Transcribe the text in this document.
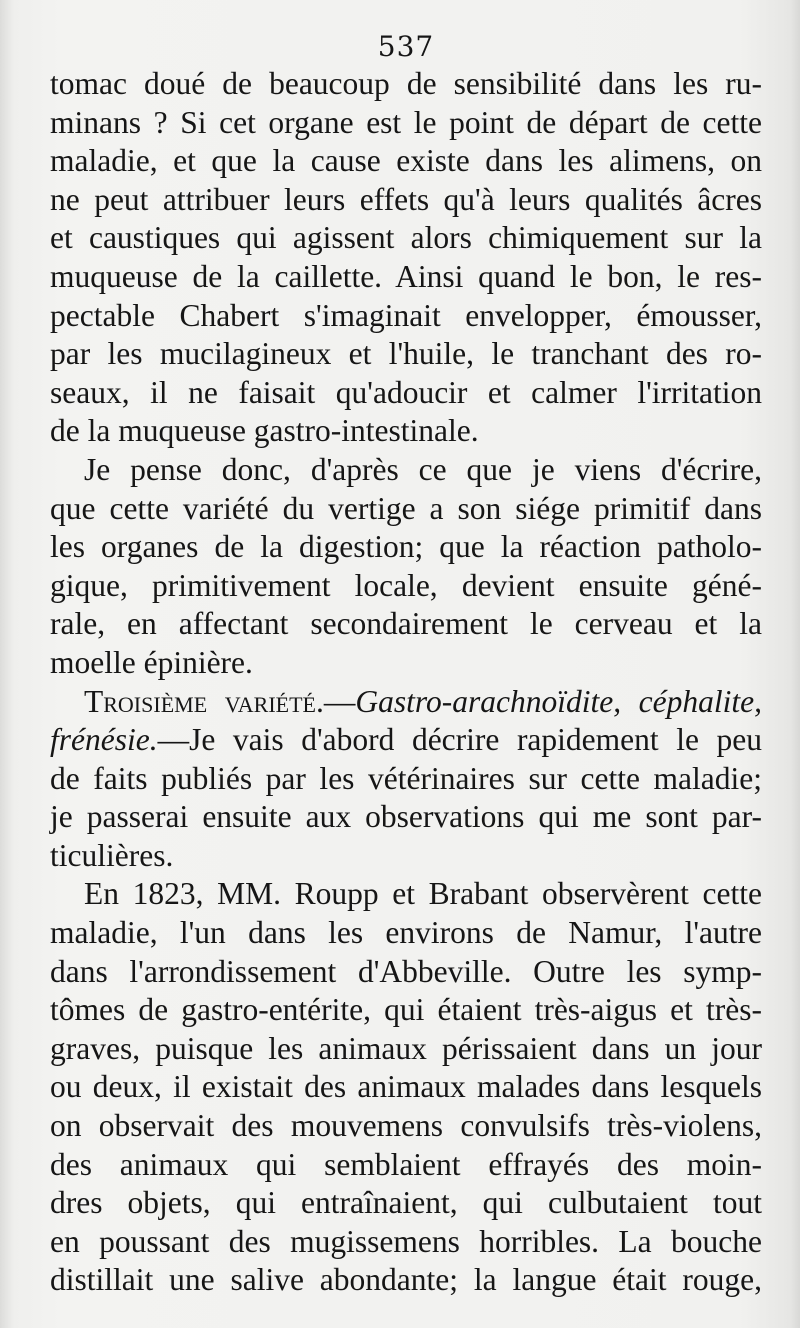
537
tomac doué de beaucoup de sensibilité dans les ru-
minans ? Si cet organe est le point de départ de cette
maladie, et que la cause existe dans les alimens, on
ne peut attribuer leurs effets qu'à leurs qualités âcres
et caustiques qui agissent alors chimiquement sur la
muqueuse de la caillette. Ainsi quand le bon, le res-
pectable Chabert s'imaginait envelopper, émousser,
par les mucilagineux et l'huile, le tranchant des ro-
seaux, il ne faisait qu'adoucir et calmer l'irritation
de la muqueuse gastro-intestinale.
Je pense donc, d'après ce que je viens d'écrire,
que cette variété du vertige a son siége primitif dans
les organes de la digestion; que la réaction patholo-
gique, primitivement locale, devient ensuite géné-
rale, en affectant secondairement le cerveau et la
moelle épinière.
Troisième variété.—Gastro-arachnoïdite, céphalite,
frénésie.—Je vais d'abord décrire rapidement le peu
de faits publiés par les vétérinaires sur cette maladie;
je passerai ensuite aux observations qui me sont par-
ticulières.
En 1823, MM. Roupp et Brabant observèrent cette
maladie, l'un dans les environs de Namur, l'autre
dans l'arrondissement d'Abbeville. Outre les symp-
tômes de gastro-entérite, qui étaient très-aigus et très-
graves, puisque les animaux périssaient dans un jour
ou deux, il existait des animaux malades dans lesquels
on observait des mouvemens convulsifs très-violens,
des animaux qui semblaient effrayés des moin-
dres objets, qui entraînaient, qui culbutaient tout
en poussant des mugissemens horribles. La bouche
distillait une salive abondante; la langue était rouge,
